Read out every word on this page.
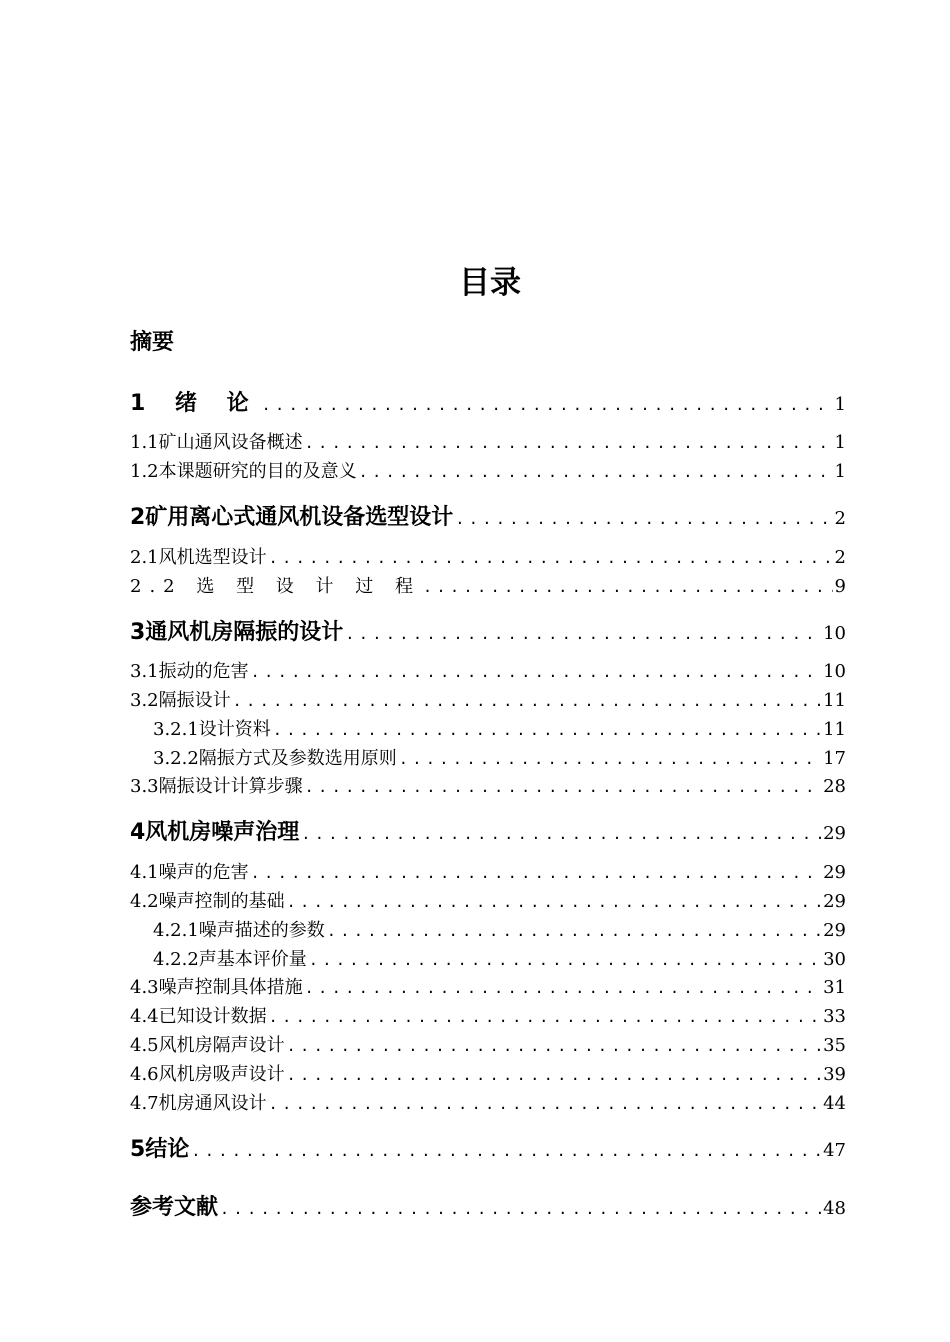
目录
摘要
1 绪 论 .....	1
1.1矿山通风设备概述 .....	1
1.2本课题研究的目的及意义 .....	1
2矿用离心式通风机设备选型设计 .....	2
2.1风机选型设计 .....	2
2.2 选 型 设 计 过 程 .....	9
3通风机房隔振的设计 .....	10
3.1振动的危害 .....	10
3.2隔振设计 .....	11
3.2.1设计资料 .....	11
3.2.2隔振方式及参数选用原则 .....	17
3.3隔振设计计算步骤 .....	28
4风机房噪声治理 .....	29
4.1噪声的危害 .....	29
4.2噪声控制的基础 .....	29
4.2.1噪声描述的参数 .....	29
4.2.2声基本评价量 .....	30
4.3噪声控制具体措施 .....	31
4.4已知设计数据 .....	33
4.5风机房隔声设计 .....	35
4.6风机房吸声设计 .....	39
4.7机房通风设计 .....	44
5结论 .....	47
参考文献 .....	48
